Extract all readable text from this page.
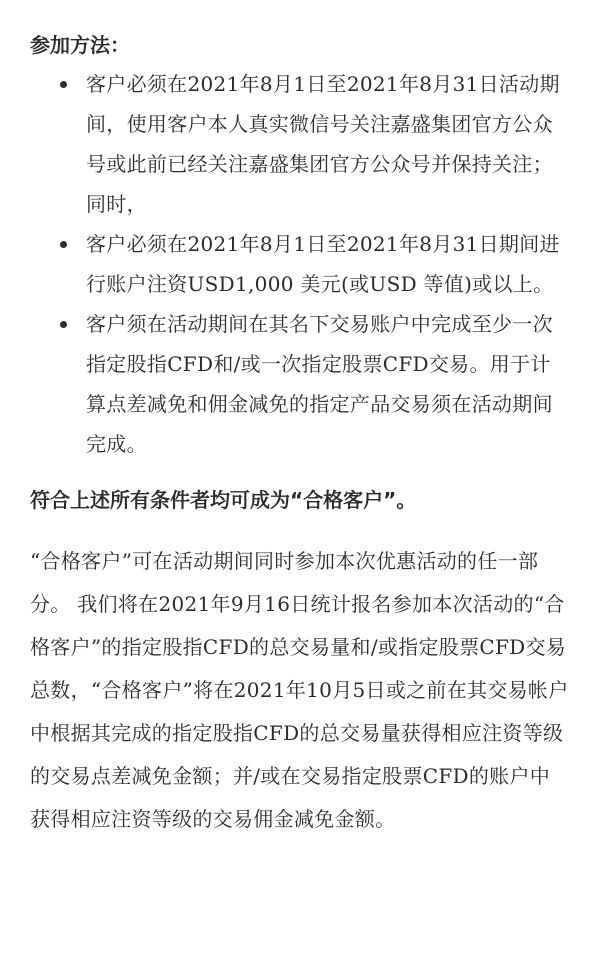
参加方法：
客户必须在2021年8月1日至2021年8月31日活动期间，使用客户本人真实微信号关注嘉盛集团官方公众号或此前已经关注嘉盛集团官方公众号并保持关注；同时，
客户必须在2021年8月1日至2021年8月31日期间进行账户注资USD1,000 美元(或USD 等值)或以上。
客户须在活动期间在其名下交易账户中完成至少一次指定股指CFD和/或一次指定股票CFD交易。用于计算点差减免和佣金减免的指定产品交易须在活动期间完成。
符合上述所有条件者均可成为“合格客户”。

“合格客户”可在活动期间同时参加本次优惠活动的任一部分。 我们将在2021年9月16日统计报名参加本次活动的“合格客户”的指定股指CFD的总交易量和/或指定股票CFD交易总数，“合格客户”将在2021年10月5日或之前在其交易帐户中根据其完成的指定股指CFD的总交易量获得相应注资等级的交易点差减免金额；并/或在交易指定股票CFD的账户中获得相应注资等级的交易佣金减免金额。
